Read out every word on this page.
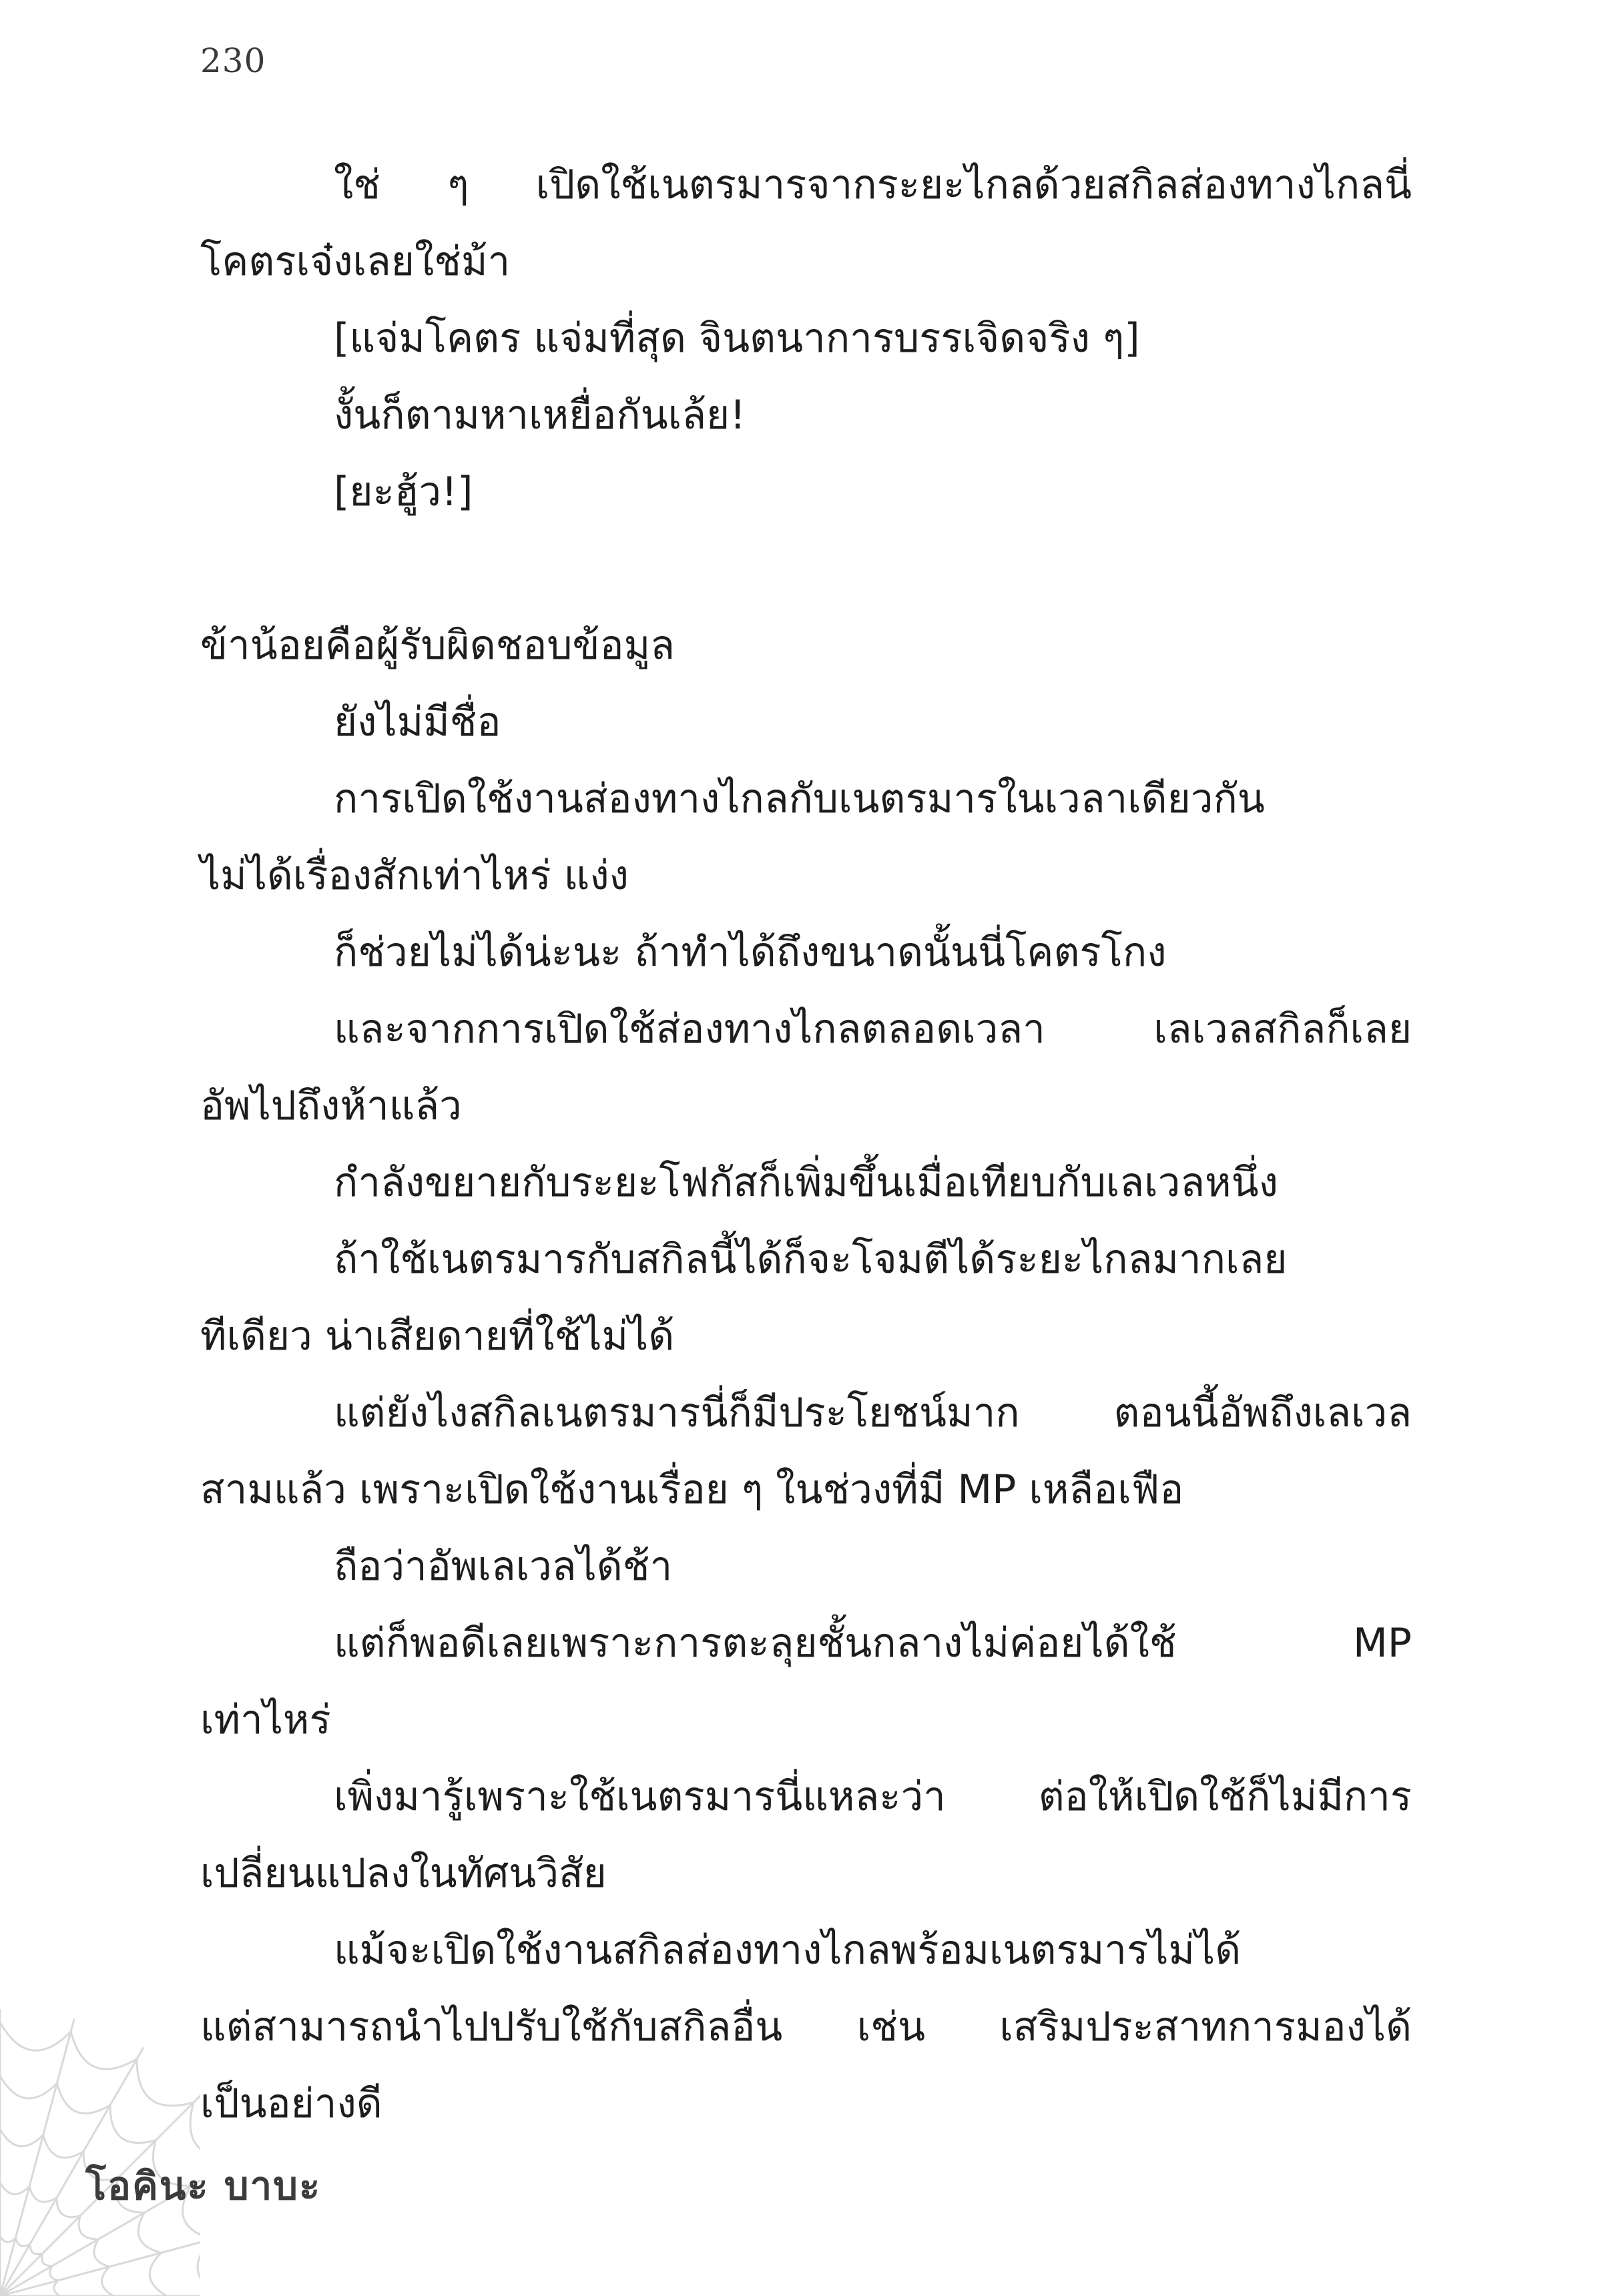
230
ใช่ ๆ เปิดใช้เนตรมารจากระยะไกลด้วยสกิลส่องทางไกลนี่
โคตรเจ๋งเลยใช่ม้า
[แจ่มโคตร แจ่มที่สุด จินตนาการบรรเจิดจริง ๆ]
งั้นก็ตามหาเหยื่อกันเล้ย!
[ยะฮู้ว!]
ข้าน้อยคือผู้รับผิดชอบข้อมูล
ยังไม่มีชื่อ
การเปิดใช้งานส่องทางไกลกับเนตรมารในเวลาเดียวกัน
ไม่ได้เรื่องสักเท่าไหร่ แง่ง
ก็ช่วยไม่ได้น่ะนะ ถ้าทำได้ถึงขนาดนั้นนี่โคตรโกง
และจากการเปิดใช้ส่องทางไกลตลอดเวลา เลเวลสกิลก็เลย
อัพไปถึงห้าแล้ว
กำลังขยายกับระยะโฟกัสก็เพิ่มขึ้นเมื่อเทียบกับเลเวลหนึ่ง
ถ้าใช้เนตรมารกับสกิลนี้ได้ก็จะโจมตีได้ระยะไกลมากเลย
ทีเดียว น่าเสียดายที่ใช้ไม่ได้
แต่ยังไงสกิลเนตรมารนี่ก็มีประโยชน์มาก ตอนนี้อัพถึงเลเวล
สามแล้ว เพราะเปิดใช้งานเรื่อย ๆ ในช่วงที่มี MP เหลือเฟือ
ถือว่าอัพเลเวลได้ช้า
แต่ก็พอดีเลยเพราะการตะลุยชั้นกลางไม่ค่อยได้ใช้ MP
เท่าไหร่
เพิ่งมารู้เพราะใช้เนตรมารนี่แหละว่า ต่อให้เปิดใช้ก็ไม่มีการ
เปลี่ยนแปลงในทัศนวิสัย
แม้จะเปิดใช้งานสกิลส่องทางไกลพร้อมเนตรมารไม่ได้
แต่สามารถนำไปปรับใช้กับสกิลอื่น เช่น เสริมประสาทการมองได้
เป็นอย่างดี
โอคินะ บาบะ
